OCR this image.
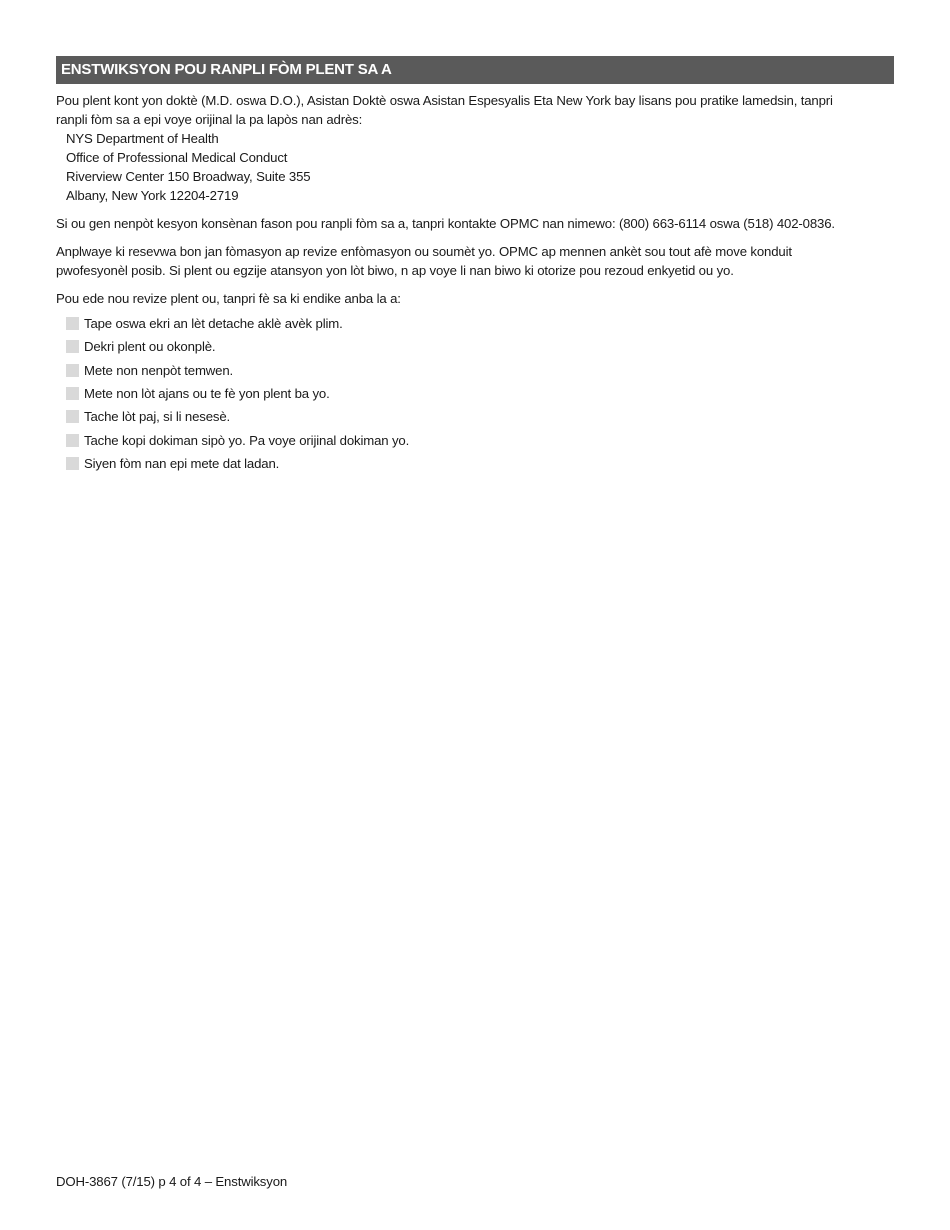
ENSTWIKSYON POU RANPLI FÒM PLENT SA A

Pou plent kont yon doktè (M.D. oswa D.O.), Asistan Doktè oswa Asistan Espesyalis Eta New York bay lisans pou pratike lamedsin, tanpri ranpli fòm sa a epi voye orijinal la pa lapòs nan adrès:

NYS Department of Health
Office of Professional Medical Conduct
Riverview Center 150 Broadway, Suite 355
Albany, New York 12204-2719

Si ou gen nenpòt kesyon konsènan fason pou ranpli fòm sa a, tanpri kontakte OPMC nan nimewo: (800) 663-6114 oswa (518) 402-0836.

Anplwaye ki resevwa bon jan fòmasyon ap revize enfòmasyon ou soumèt yo. OPMC ap mennen ankèt sou tout afè move konduit pwofesyonèl posib. Si plent ou egzije atansyon yon lòt biwo, n ap voye li nan biwo ki otorize pou rezoud enkyetid ou yo.

Pou ede nou revize plent ou, tanpri fè sa ki endike anba la a:

Tape oswa ekri an lèt detache aklè avèk plim.
Dekri plent ou okonplè.
Mete non nenpòt temwen.
Mete non lòt ajans ou te fè yon plent ba yo.
Tache lòt paj, si li nesesè.
Tache kopi dokiman sipò yo. Pa voye orijinal dokiman yo.
Siyen fòm nan epi mete dat ladan.
DOH-3867 (7/15) p 4 of 4 – Enstwiksyon
